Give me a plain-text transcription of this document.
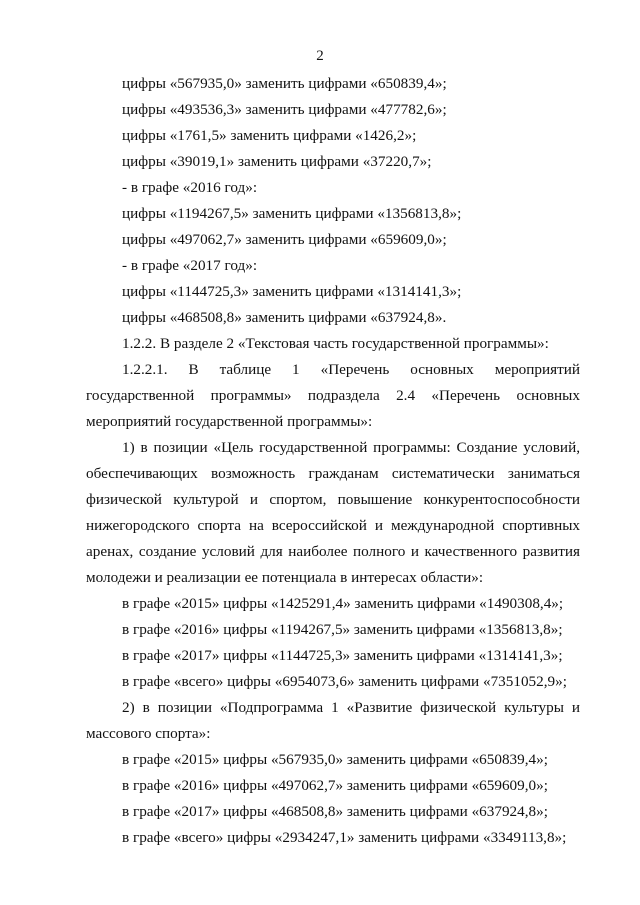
2
цифры «567935,0» заменить цифрами «650839,4»;
цифры «493536,3» заменить цифрами «477782,6»;
цифры «1761,5» заменить цифрами «1426,2»;
цифры «39019,1» заменить цифрами «37220,7»;
- в графе «2016 год»:
цифры «1194267,5» заменить цифрами «1356813,8»;
цифры «497062,7» заменить цифрами «659609,0»;
- в графе «2017 год»:
цифры «1144725,3» заменить цифрами «1314141,3»;
цифры «468508,8» заменить цифрами «637924,8».
1.2.2. В разделе 2 «Текстовая часть государственной программы»:
1.2.2.1. В таблице 1 «Перечень основных мероприятий
государственной программы» подраздела 2.4 «Перечень основных
мероприятий государственной программы»:
1) в позиции «Цель государственной программы: Создание условий,
обеспечивающих возможность гражданам систематически заниматься
физической культурой и спортом, повышение конкурентоспособности
нижегородского спорта на всероссийской и международной спортивных
аренах, создание условий для наиболее полного и качественного развития
молодежи и реализации ее потенциала в интересах области»:
в графе «2015» цифры «1425291,4» заменить цифрами «1490308,4»;
в графе «2016» цифры «1194267,5» заменить цифрами «1356813,8»;
в графе «2017» цифры «1144725,3» заменить цифрами «1314141,3»;
в графе «всего» цифры «6954073,6» заменить цифрами «7351052,9»;
2) в позиции «Подпрограмма 1 «Развитие физической культуры и
массового спорта»:
в графе «2015» цифры «567935,0» заменить цифрами «650839,4»;
в графе «2016» цифры «497062,7» заменить цифрами «659609,0»;
в графе «2017» цифры «468508,8» заменить цифрами «637924,8»;
в графе «всего» цифры «2934247,1» заменить цифрами «3349113,8»;
